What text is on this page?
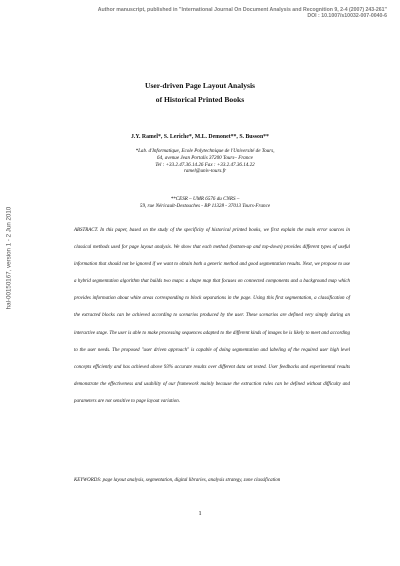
Author manuscript, published in "International Journal On Document Analysis and Recognition 9, 2-4 (2007) 243-261"
DOI : 10.1007/s10032-007-0040-6
hal-00150167, version 1 - 2 Jun 2010
User-driven Page Layout Analysis
of Historical Printed Books
J.Y. Ramel*, S. Leriche*, M.L. Demonet**, S. Busson**
*Lab. d'Informatique, Ecole Polytechnique de l'Université de Tours,
64, avenue Jean Portalis 37200 Tours– France
Tel : +33.2.47.36.14.26 Fax : +33.2.47.36.14.22
ramel@univ-tours.fr
**CESR – UMR 6576 du CNRS –
59, rue Néricault-Destouches - BP 11328 - 37013 Tours-France
ABSTRACT. In this paper, based on the study of the specificity of historical printed books, we first explain the main error sources in classical methods used for page layout analysis. We show that each method (bottom-up and top-down) provides different types of useful information that should not be ignored if we want to obtain both a generic method and good segmentation results. Next, we propose to use a hybrid segmentation algorithm that builds two maps: a shape map that focuses on connected components and a background map which provides information about white areas corresponding to block separations in the page. Using this first segmentation, a classification of the extracted blocks can be achieved according to scenarios produced by the user. These scenarios are defined very simply during an interactive stage. The user is able to make processing sequences adapted to the different kinds of images he is likely to meet and according to the user needs. The proposed "user driven approach" is capable of doing segmentation and labeling of the required user high level concepts efficiently and has achieved above 93% accurate results over different data set tested. User feedbacks and experimental results demonstrate the effectiveness and usability of our framework mainly because the extraction rules can be defined without difficulty and parameters are not sensitive to page layout variation.
KEYWORDS: page layout analysis, segmentation, digital libraries, analysis strategy, zone classification
1
